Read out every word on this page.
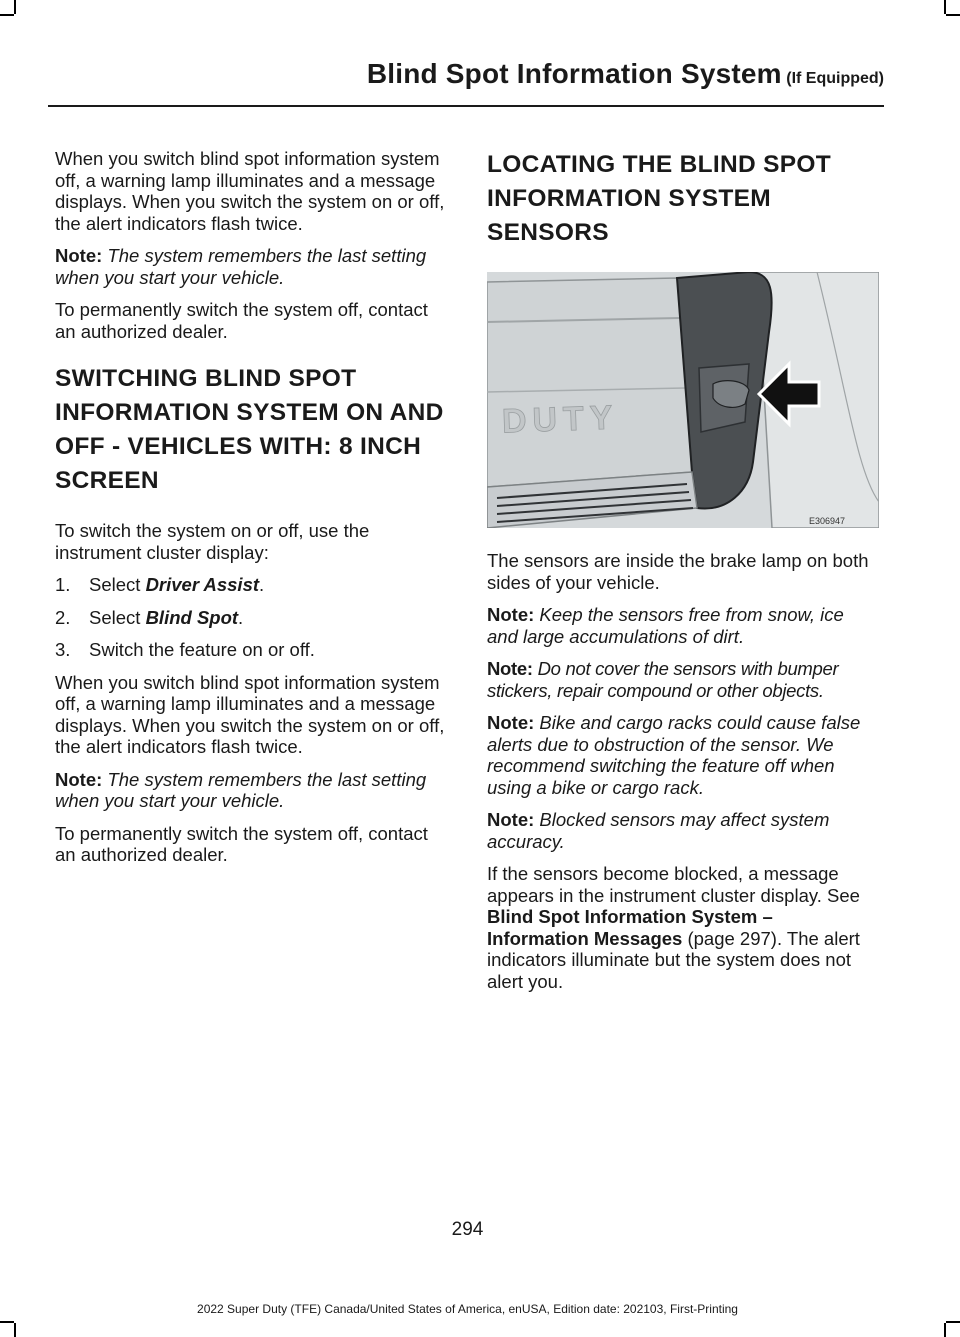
Blind Spot Information System (If Equipped)

When you switch blind spot information system off, a warning lamp illuminates and a message displays. When you switch the system on or off, the alert indicators flash twice.

Note: The system remembers the last setting when you start your vehicle.

To permanently switch the system off, contact an authorized dealer.

SWITCHING BLIND SPOT INFORMATION SYSTEM ON AND OFF - VEHICLES WITH: 8 INCH SCREEN

To switch the system on or off, use the instrument cluster display:

1.	Select Driver Assist.
2.	Select Blind Spot.
3.	Switch the feature on or off.

When you switch blind spot information system off, a warning lamp illuminates and a message displays. When you switch the system on or off, the alert indicators flash twice.

Note: The system remembers the last setting when you start your vehicle.

To permanently switch the system off, contact an authorized dealer.

LOCATING THE BLIND SPOT INFORMATION SYSTEM SENSORS
DUTY
E306947

The sensors are inside the brake lamp on both sides of your vehicle.

Note: Keep the sensors free from snow, ice and large accumulations of dirt.

Note: Do not cover the sensors with bumper stickers, repair compound or other objects.

Note: Bike and cargo racks could cause false alerts due to obstruction of the sensor. We recommend switching the feature off when using a bike or cargo rack.

Note: Blocked sensors may affect system accuracy.

If the sensors become blocked, a message appears in the instrument cluster display. See Blind Spot Information System – Information Messages (page 297). The alert indicators illuminate but the system does not alert you.

294
2022 Super Duty (TFE) Canada/United States of America, enUSA, Edition date: 202103, First-Printing
